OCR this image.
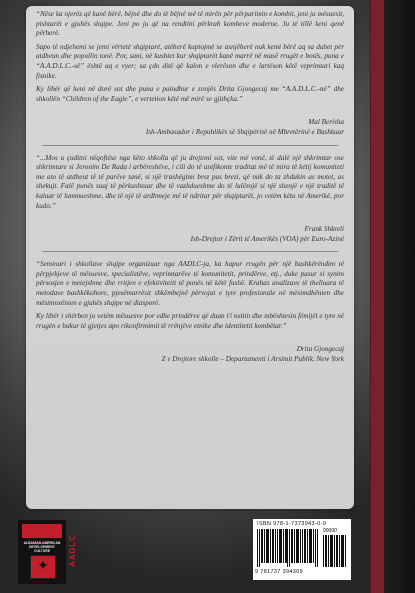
“Nëse ka njerëz që kanë bërë, bëjnë dhe do të bëjnë më të mirën për përparimin e kombit, jeni ju mësuesit, pishtarët e gjuhës shqipe. Jeni po ju që na rendtini përkrah kombeve moderne. Ju të tillë keni qenë përherë.

Sapo të ndjehemi se jemi vërtetë shqiptarë, atëherë kuptojmë se asnjëherë nuk kemi bërë aq sa duhet për atdheun dhe popullin tonë. Por, sani, në kushtet kur shqiptarët kanë marrë në masë rrugët e botës, puna e “A.A.D.L.C.-së” është aq e vyer; sa çdo ditë që kalon e vlerëson dhe e lartëson këtë veprimtari kaq fisnike.

Ky libër që keni në dorë sot dhe puna e palodhur e zonjës Drita Gjongecaj me “A.A.D.L.C.-në” dhe shkollën “Children of the Eagle”, e vertetion këtë më mirë se gjithçka.”

Mal Berisha
Ish-Ambasador i Republikës së Shqipërisë në Mbretërinë e Bashkuar

“...Mos u çuditni nëqoftëse nga këto shkolla që ju drejtoni sot, vite më vonë, të dalë një shkrimtar ose shkrimtare si Jeronim De Rada i arbëreshëve, i cili do të unifikonte traditat më të mira të këtij komuniteti me ato të atdheut të të parëve tanë, si një trashëgimi brez pas brezi, që nuk do ta zhdukin as motet, as shekujt. Falë punës suaj të përkushtuar dhe të vazhdueshme do të lulëzojë si një shenjë e një traditë të kaluar të lummueshme, dhe të një të ardhmeje më të ndritur për shqiptarët, jo vetëm këtu në Amerikë, por kudo.”

Frank Shkreli
Ish-Drejtor i Zërit të Amerikës (VOA) për Euro-Azinë

“Seminari i shkollave shqipe organizuar nga AADLC-ja, ka hapur rrugën për një bashkërëndim të përpjekjeve të mësuesve, specialistëve, veprimtarëve të komunitetit, prindërve, etj., duke pasur si synim përsosjen e metejshme dhe rritjen e efektivitetit të punës në këtë fushë. Krahas analizave të thelluara të metodave bashkëkohore, pjesëmarrësit shkëmbejnë përvojat e tyre profesionale në mësimdhënien dhe mësimnxënien e gjuhës shqipe në diasporë.

Ky libër i shërben jo vetëm mësuesve por edhe prindërve që duan t'i nxitin dhe mbështesin fëmijët e tyre në rrugën e bukur të gjetjes apo rikonfirmimit të rrënjëve etnike dhe identitetit kombëtar.”

Drita Gjongecaj
Z v Drejtore shkolle – Departamenti i Arsimit Publik, New York
ALBANIAN AMERICAN
DEVELOPMENT
CULTURE
✦	AADLC
ISBN 978-1-7373943-0-9
90000
9 781737 394309
